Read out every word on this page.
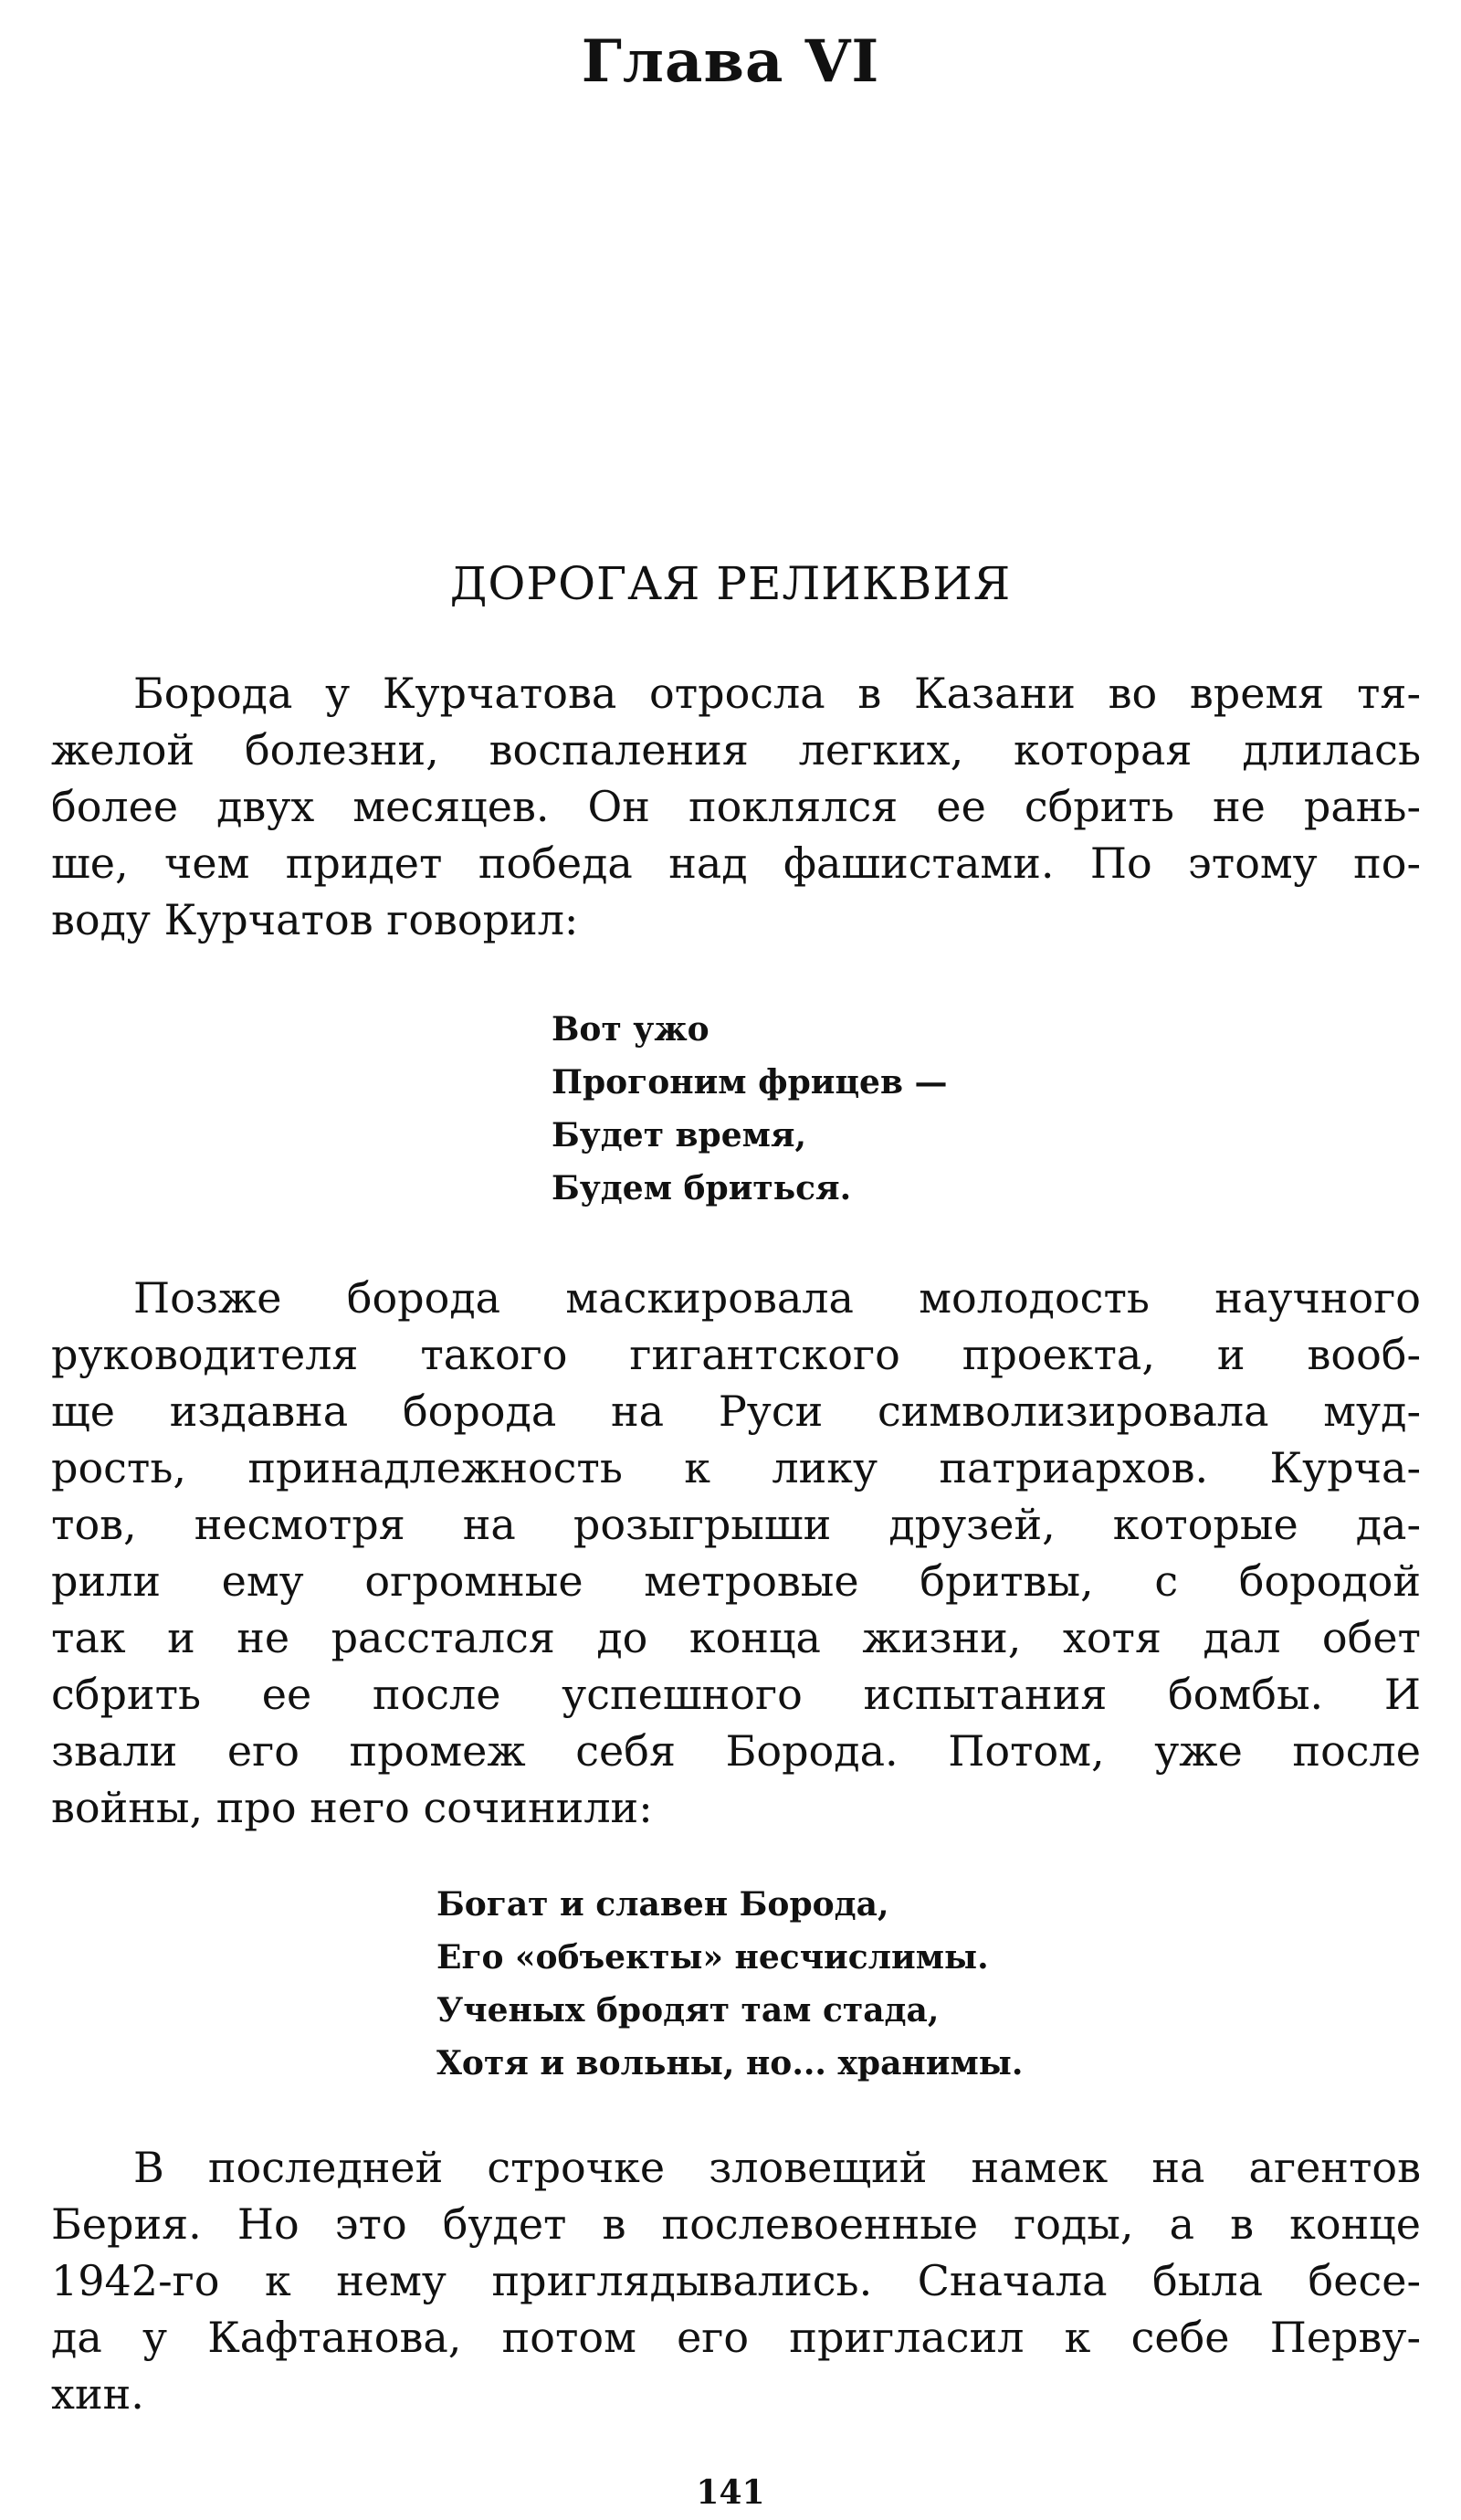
Глава VI
ДОРОГАЯ РЕЛИКВИЯ
Борода у Курчатова отросла в Казани во время тя-
желой болезни, воспаления легких, которая длилась
более двух месяцев. Он поклялся ее сбрить не рань-
ше, чем придет победа над фашистами. По этому по-
воду Курчатов говорил:
Вот ужо
Прогоним фрицев —
Будет время,
Будем бриться.
Позже борода маскировала молодость научного
руководителя такого гигантского проекта, и вооб-
ще издавна борода на Руси символизировала муд-
рость, принадлежность к лику патриархов. Курча-
тов, несмотря на розыгрыши друзей, которые да-
рили ему огромные метровые бритвы, с бородой
так и не расстался до конца жизни, хотя дал обет
сбрить ее после успешного испытания бомбы. И
звали его промеж себя Борода. Потом, уже после
войны, про него сочинили:
Богат и славен Борода,
Его «объекты» несчислимы.
Ученых бродят там стада,
Хотя и вольны, но... хранимы.
В последней строчке зловещий намек на агентов
Берия. Но это будет в послевоенные годы, а в конце
1942-го к нему приглядывались. Сначала была бесе-
да у Кафтанова, потом его пригласил к себе Перву-
хин.
141
